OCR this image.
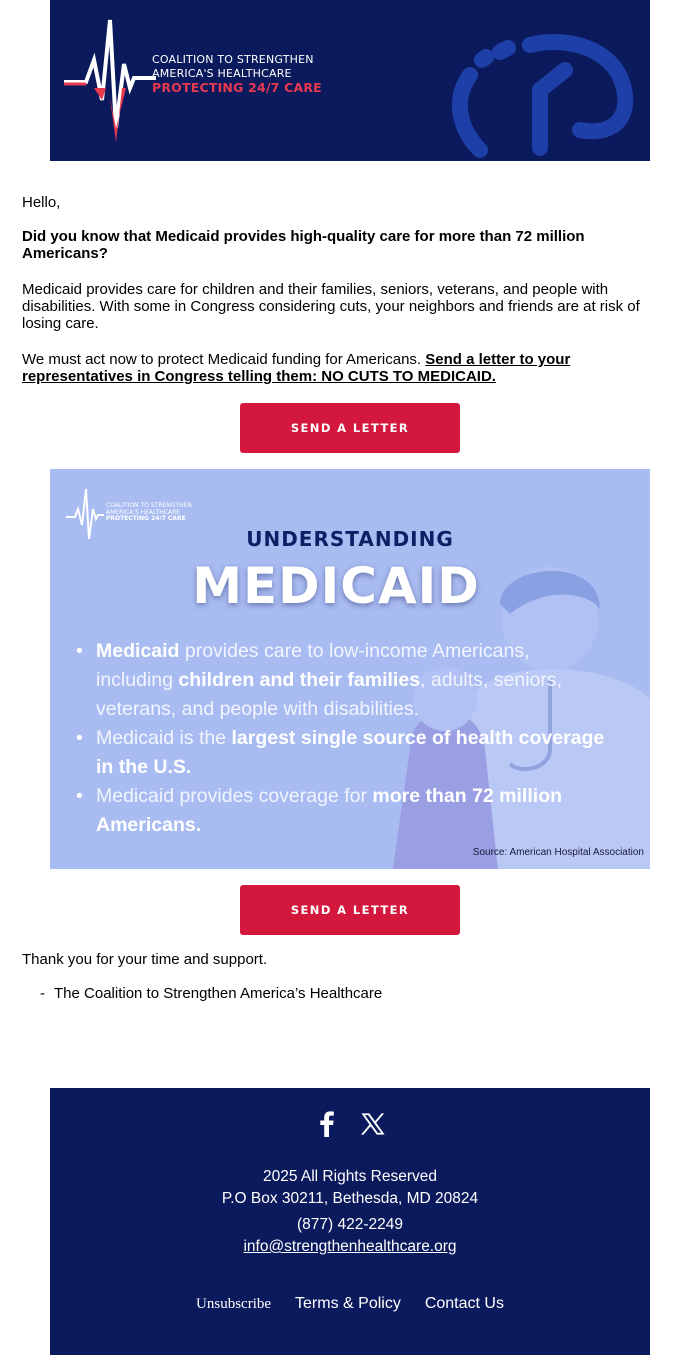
COALITION TO STRENGTHEN
AMERICA'S HEALTHCARE
PROTECTING 24/7 CARE
Hello,
Did you know that Medicaid provides high-quality care for more than 72 million Americans?
Medicaid provides care for children and their families, seniors, veterans, and people with disabilities. With some in Congress considering cuts, your neighbors and friends are at risk of losing care.
We must act now to protect Medicaid funding for Americans. Send a letter to your representatives in Congress telling them: NO CUTS TO MEDICAID.
SEND A LETTER
COALITION TO STRENGTHEN
AMERICA'S HEALTHCARE
PROTECTING 24/7 CARE
UNDERSTANDING
MEDICAID
• Medicaid provides care to low-income Americans, including children and their families, adults, seniors, veterans, and people with disabilities.
• Medicaid is the largest single source of health coverage in the U.S.
• Medicaid provides coverage for more than 72 million Americans.
Source: American Hospital Association
SEND A LETTER
Thank you for your time and support.
- The Coalition to Strengthen America’s Healthcare
2025 All Rights Reserved
P.O Box 30211, Bethesda, MD 20824
(877) 422-2249
info@strengthenhealthcare.org
Unsubscribe Terms & Policy Contact Us
